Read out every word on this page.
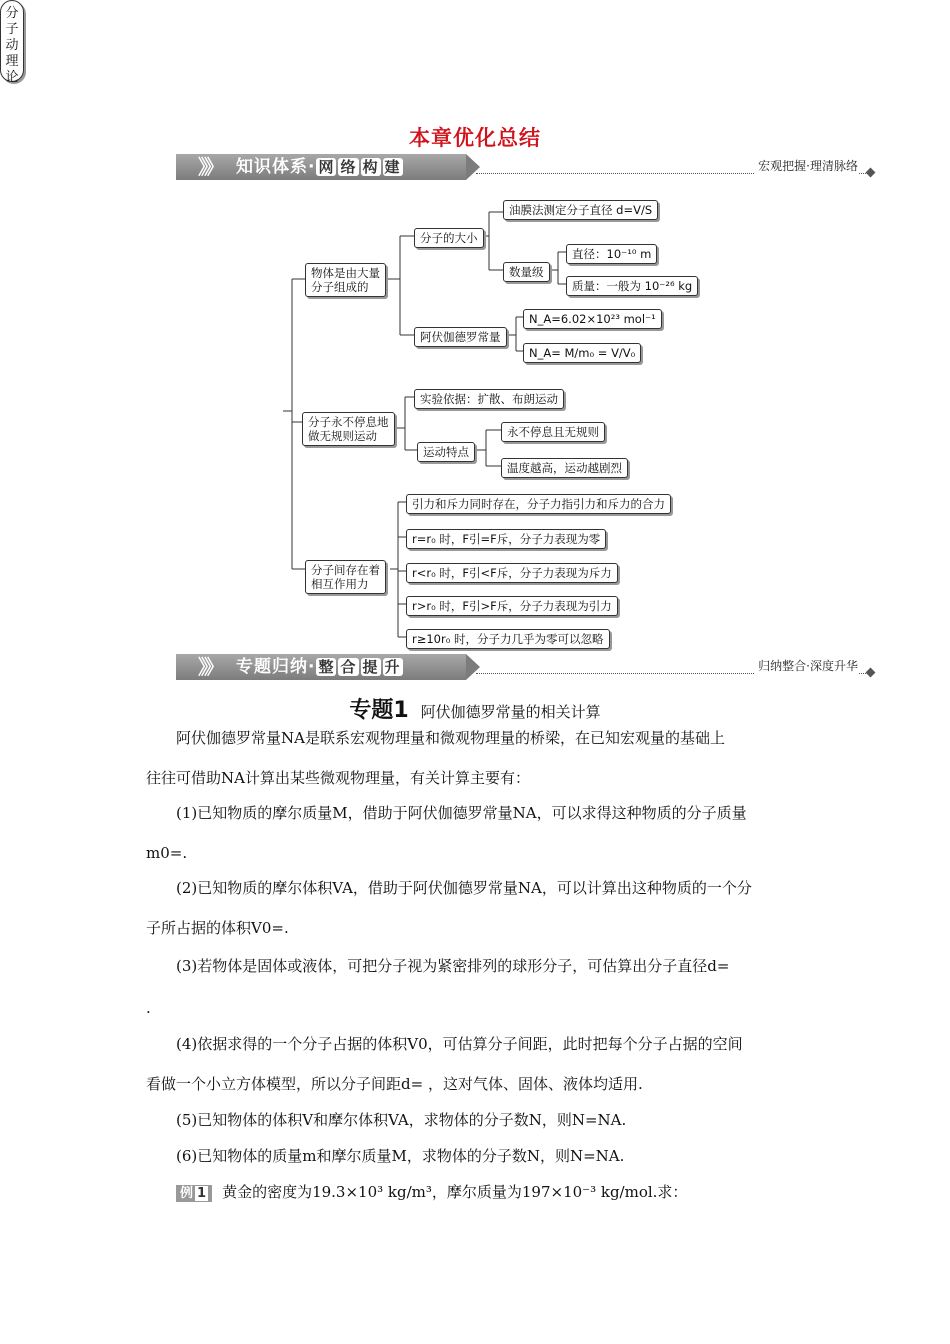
本章优化总结
》》 知识体系· 网 络 构 建	宏观把握·理清脉络
分
子
动
理
论
物体是由大量
分子组成的
分子的大小
油膜法测定分子直径 d=V/S
数量级
直径：10⁻¹⁰ m
质量：一般为 10⁻²⁶ kg
阿伏伽德罗常量
N_A=6.02×10²³ mol⁻¹
N_A= M/m₀ = V/V₀
分子永不停息地
做无规则运动
实验依据：扩散、布朗运动
运动特点
永不停息且无规则
温度越高，运动越剧烈
分子间存在着
相互作用力
引力和斥力同时存在，分子力指引力和斥力的合力
r=r₀ 时，F引=F斥，分子力表现为零
r<r₀ 时，F引<F斥，分子力表现为斥力
r>r₀ 时，F引>F斥，分子力表现为引力
r≥10r₀ 时，分子力几乎为零可以忽略
》》 专题归纳· 整 合 提 升	归纳整合·深度升华
专题1 阿伏伽德罗常量的相关计算
阿伏伽德罗常量NA是联系宏观物理量和微观物理量的桥梁，在已知宏观量的基础上
往往可借助NA计算出某些微观物理量，有关计算主要有：
(1)已知物质的摩尔质量M，借助于阿伏伽德罗常量NA，可以求得这种物质的分子质量
m0=.
(2)已知物质的摩尔体积VA，借助于阿伏伽德罗常量NA，可以计算出这种物质的一个分
子所占据的体积V0=.
(3)若物体是固体或液体，可把分子视为紧密排列的球形分子，可估算出分子直径d=
.
(4)依据求得的一个分子占据的体积V0，可估算分子间距，此时把每个分子占据的空间
看做一个小立方体模型，所以分子间距d= ，这对气体、固体、液体均适用.
(5)已知物体的体积V和摩尔体积VA，求物体的分子数N，则N=NA.
(6)已知物体的质量m和摩尔质量M，求物体的分子数N，则N=NA.
例 1 黄金的密度为19.3×10³ kg/m³，摩尔质量为197×10⁻³ kg/mol.求：
